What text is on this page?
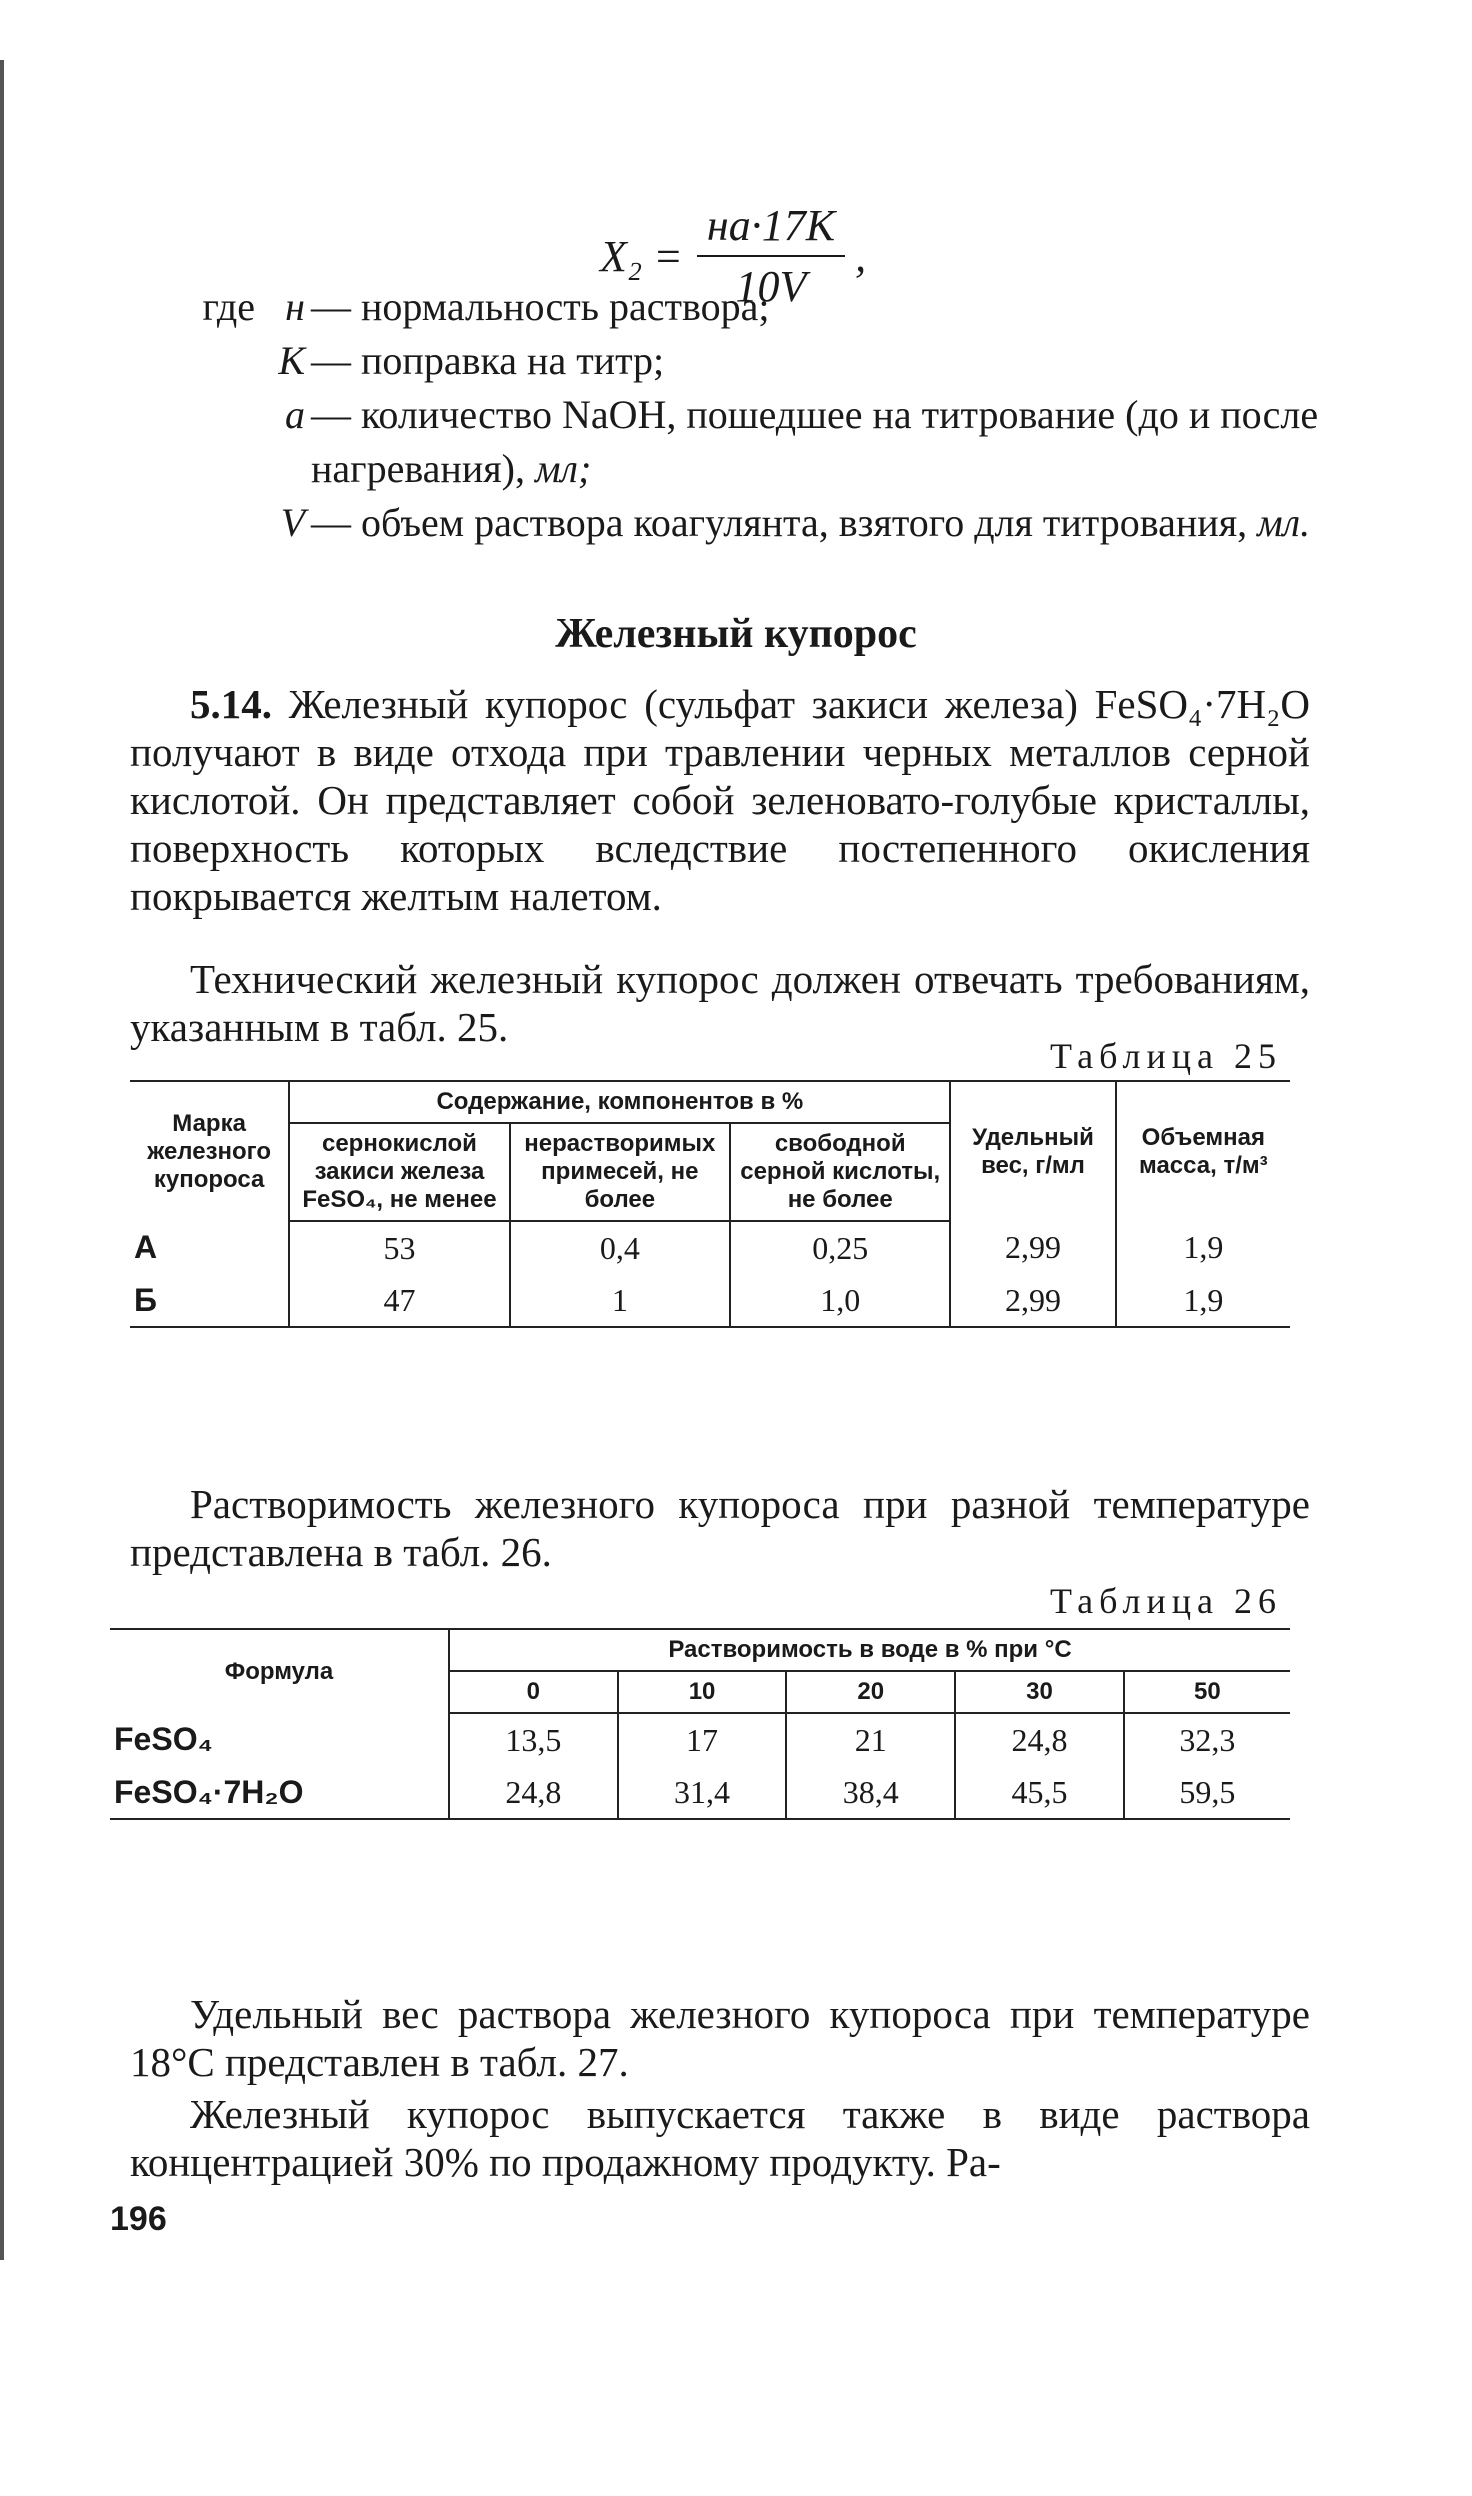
$X_2 = \frac{нa\cdot 17K}{10V}$ ,
где н — нормальность раствора;
K — поправка на титр;
a — количество NaOH, пошедшее на титрование (до и после нагревания), мл;
V — объем раствора коагулянта, взятого для титрования, мл.
Железный купорос
5.14. Железный купорос (сульфат закиси железа) FeSO₄·7H₂O получают в виде отхода при травлении черных металлов серной кислотой. Он представляет собой зеленовато-голубые кристаллы, поверхность которых вследствие постепенного окисления покрывается желтым налетом.
Технический железный купорос должен отвечать требованиям, указанным в табл. 25.
Таблица 25
Марка железного купороса	Содержание, компонентов в %			Удельный вес, г/мл	Объемная масса, т/м³
	сернокислой закиси железа FeSO₄, не менее	нерастворимых примесей, не более	свободной серной кислоты, не более		
А	53	0,4	0,25	2,99	1,9
Б	47	1	1,0	2,99	1,9
Растворимость железного купороса при разной температуре представлена в табл. 26.
Таблица 26
Формула	Растворимость в воде в % при °С				
	0	10	20	30	50
FeSO₄	13,5	17	21	24,8	32,3
FeSO₄·7H₂O	24,8	31,4	38,4	45,5	59,5
Удельный вес раствора железного купороса при температуре 18°С представлен в табл. 27.
Железный купорос выпускается также в виде раствора концентрацией 30% по продажному продукту. Ра-
196
